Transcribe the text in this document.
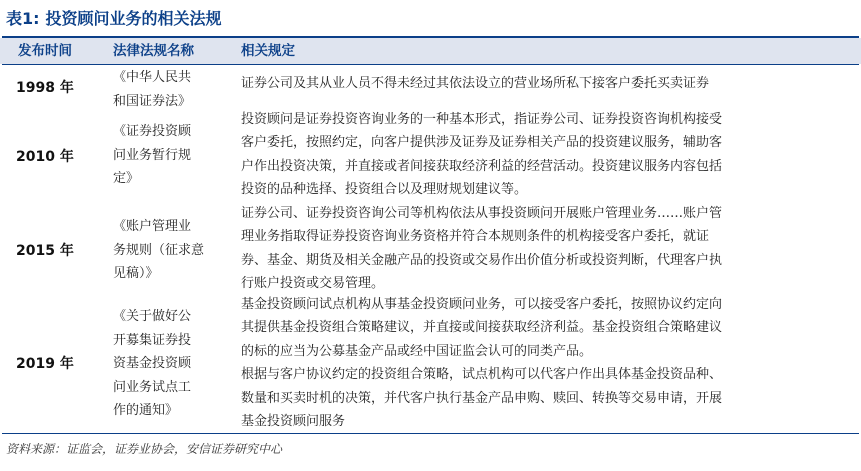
表1: 投资顾问业务的相关法规
发布时间	法律法规名称	相关规定
1998 年
《中华人民共
和国证券法》
证券公司及其从业人员不得未经过其依法设立的营业场所私下接客户委托买卖证券
2010 年
《证券投资顾
问业务暂行规
定》
投资顾问是证券投资咨询业务的一种基本形式，指证券公司、证券投资咨询机构接受
客户委托，按照约定，向客户提供涉及证券及证券相关产品的投资建议服务，辅助客
户作出投资决策，并直接或者间接获取经济利益的经营活动。投资建议服务内容包括
投资的品种选择、投资组合以及理财规划建议等。
2015 年
《账户管理业
务规则（征求意
见稿）》
证券公司、证券投资咨询公司等机构依法从事投资顾问开展账户管理业务……账户管
理业务指取得证券投资咨询业务资格并符合本规则条件的机构接受客户委托，就证
券、基金、期货及相关金融产品的投资或交易作出价值分析或投资判断，代理客户执
行账户投资或交易管理。
2019 年
《关于做好公
开募集证券投
资基金投资顾
问业务试点工
作的通知》
基金投资顾问试点机构从事基金投资顾问业务，可以接受客户委托，按照协议约定向
其提供基金投资组合策略建议，并直接或间接获取经济利益。基金投资组合策略建议
的标的应当为公募基金产品或经中国证监会认可的同类产品。
根据与客户协议约定的投资组合策略，试点机构可以代客户作出具体基金投资品种、
数量和买卖时机的决策，并代客户执行基金产品申购、赎回、转换等交易申请，开展
基金投资顾问服务
资料来源：证监会，证券业协会，安信证券研究中心
